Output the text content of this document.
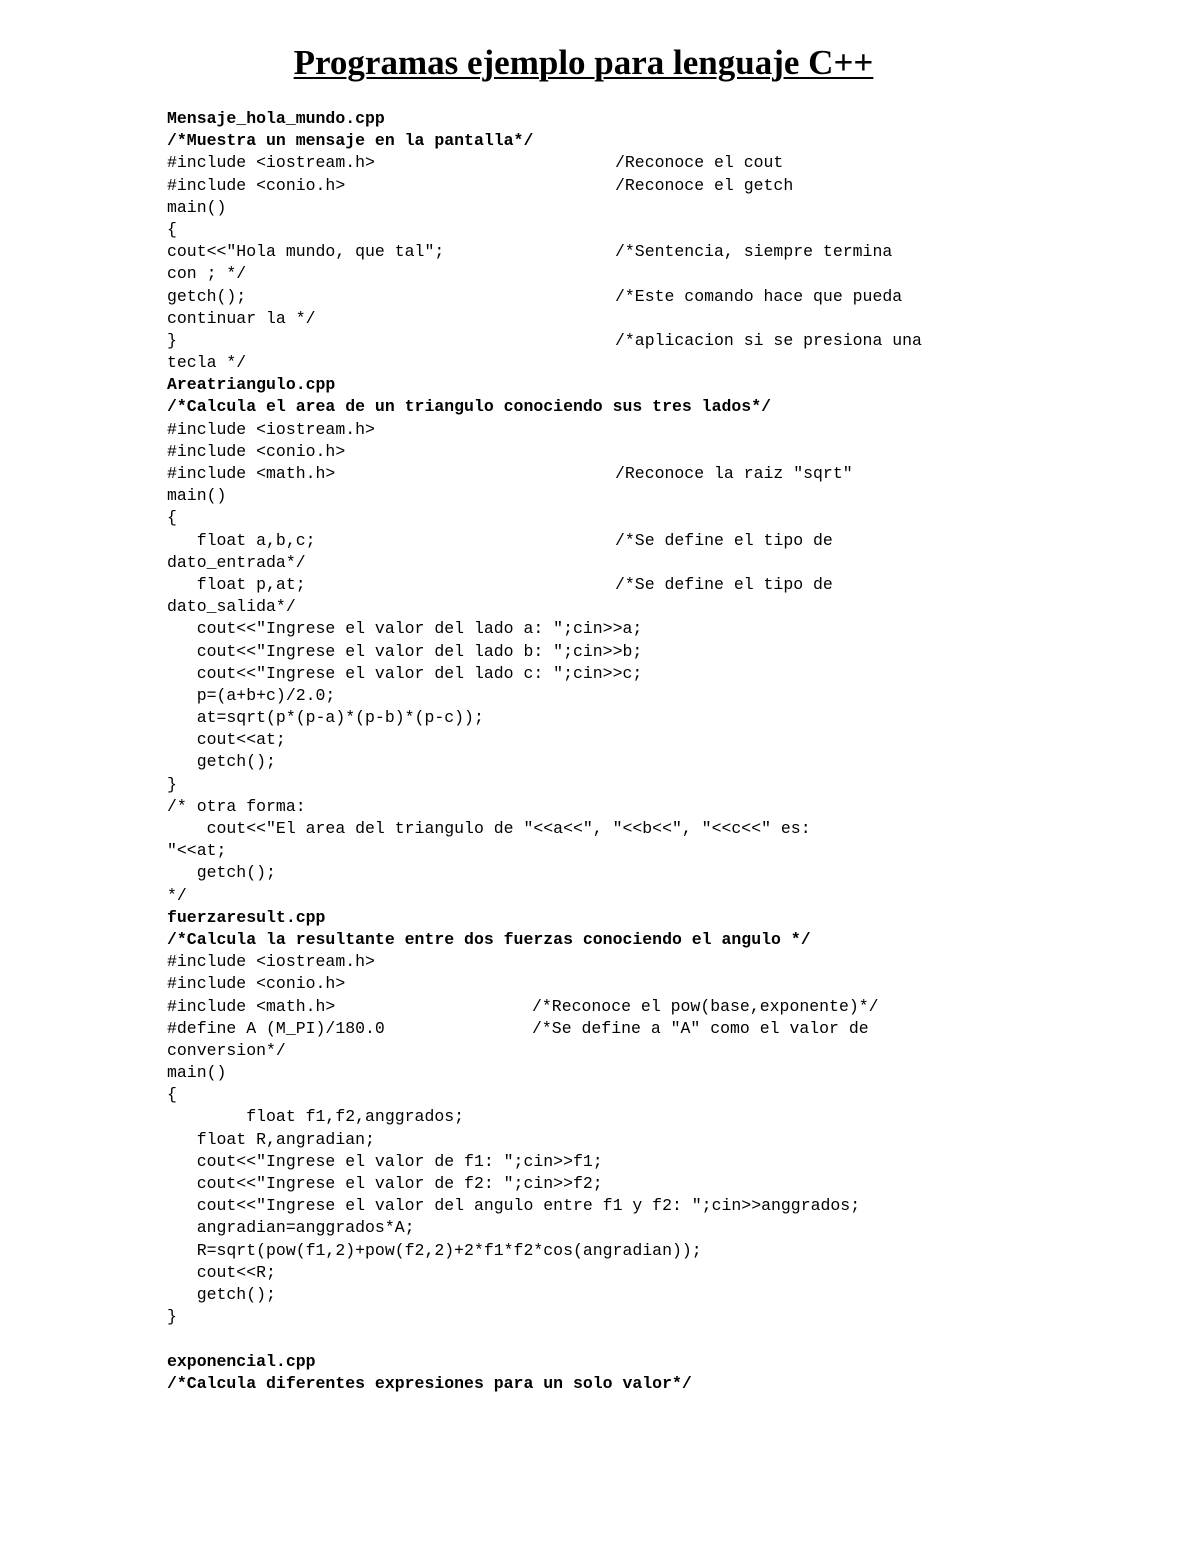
Programas ejemplo para lenguaje C++
Mensaje_hola_mundo.cpp
/*Muestra un mensaje en la pantalla*/
#include <iostream.h>	/Reconoce el cout
#include <conio.h>	/Reconoce el getch
main()
{
cout<<"Hola mundo, que tal";	/*Sentencia, siempre termina
con ; */
getch();	/*Este comando hace que pueda
continuar la */
}	/*aplicacion si se presiona una
tecla */
Areatriangulo.cpp
/*Calcula el area de un triangulo conociendo sus tres lados*/
#include <iostream.h>
#include <conio.h>
#include <math.h>	/Reconoce la raiz "sqrt"
main()
{
float a,b,c;	/*Se define el tipo de
dato_entrada*/
float p,at;	/*Se define el tipo de
dato_salida*/
cout<<"Ingrese el valor del lado a: ";cin>>a;
cout<<"Ingrese el valor del lado b: ";cin>>b;
cout<<"Ingrese el valor del lado c: ";cin>>c;
p=(a+b+c)/2.0;
at=sqrt(p*(p-a)*(p-b)*(p-c));
cout<<at;
getch();
}
/* otra forma:
cout<<"El area del triangulo de "<<a<<", "<<b<<", "<<c<<" es:
"<<at;
getch();
*/
fuerzaresult.cpp
/*Calcula la resultante entre dos fuerzas conociendo el angulo */
#include <iostream.h>
#include <conio.h>
#include <math.h>	/*Reconoce el pow(base,exponente)*/
#define A (M_PI)/180.0	/*Se define a "A" como el valor de
conversion*/
main()
{
float f1,f2,anggrados;
float R,angradian;
cout<<"Ingrese el valor de f1: ";cin>>f1;
cout<<"Ingrese el valor de f2: ";cin>>f2;
cout<<"Ingrese el valor del angulo entre f1 y f2: ";cin>>anggrados;
angradian=anggrados*A;
R=sqrt(pow(f1,2)+pow(f2,2)+2*f1*f2*cos(angradian));
cout<<R;
getch();
}
exponencial.cpp
/*Calcula diferentes expresiones para un solo valor*/
